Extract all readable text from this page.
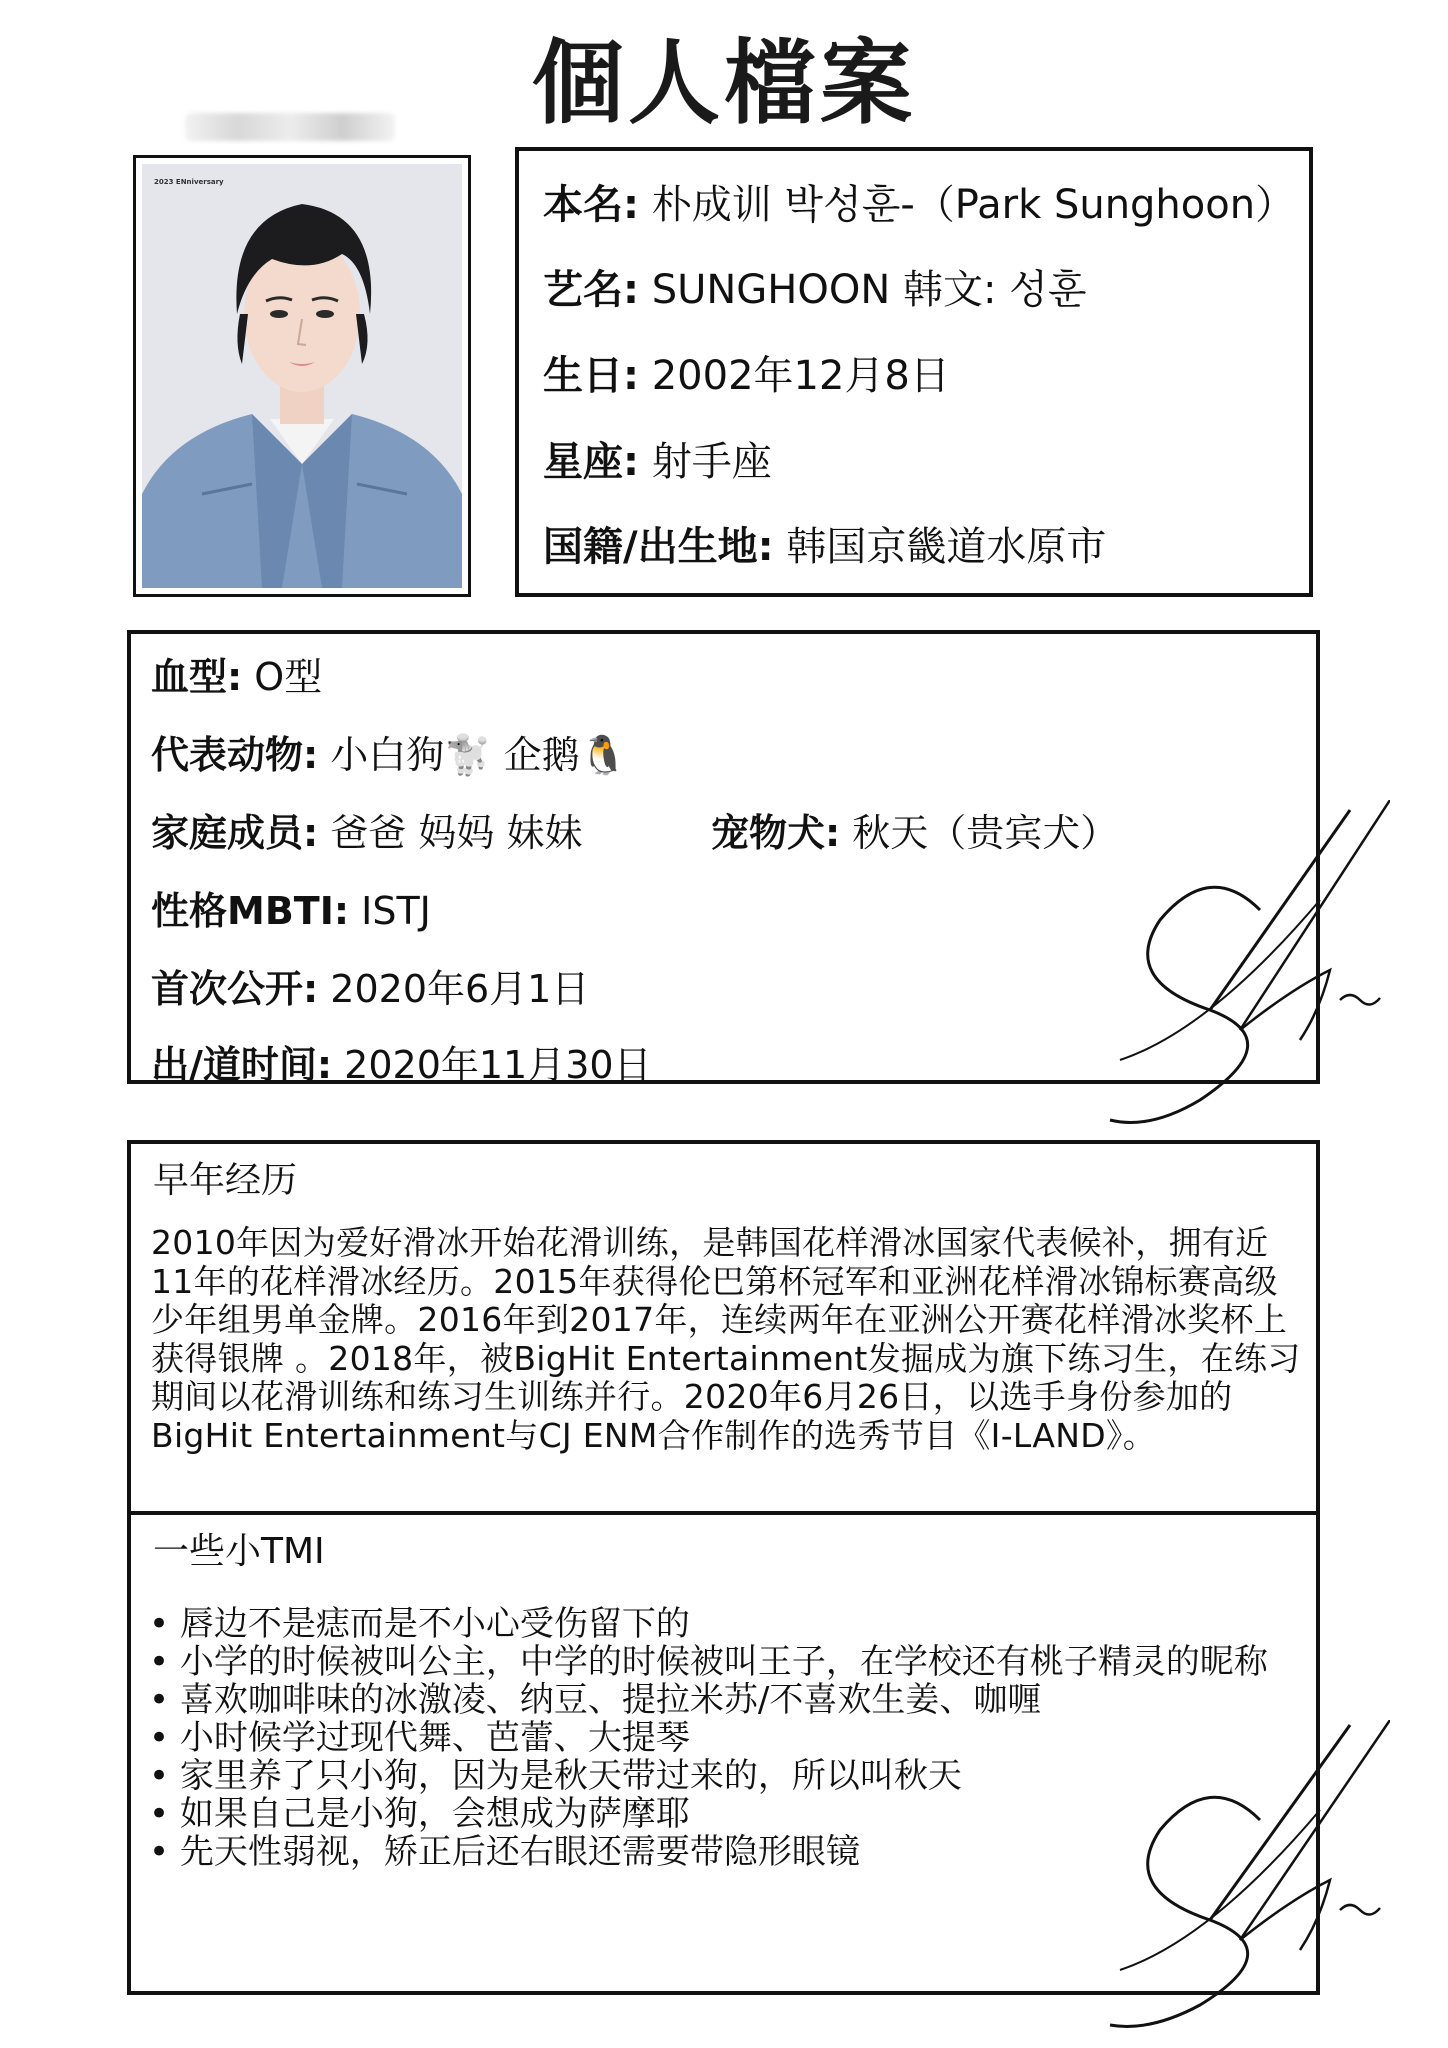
個人檔案
2023 ENniversary	本名: 朴成训 박성훈-（Park Sunghoon）
艺名: SUNGHOON 韩文: 성훈
生日: 2002年12月8日
星座: 射手座
国籍/出生地: 韩国京畿道水原市
血型: O型
代表动物: 小白狗🐩 企鹅🐧
家庭成员: 爸爸 妈妈 妹妹	宠物犬: 秋天（贵宾犬）
性格MBTI: ISTJ
首次公开: 2020年6月1日
出/道时间: 2020年11月30日
早年经历
2010年因为爱好滑冰开始花滑训练，是韩国花样滑冰国家代表候补，拥有近11年的花样滑冰经历。2015年获得伦巴第杯冠军和亚洲花样滑冰锦标赛高级少年组男单金牌。2016年到2017年，连续两年在亚洲公开赛花样滑冰奖杯上获得银牌 。2018年，被BigHit Entertainment发掘成为旗下练习生，在练习期间以花滑训练和练习生训练并行。2020年6月26日，以选手身份参加的BigHit Entertainment与CJ ENM合作制作的选秀节目《I-LAND》。
一些小TMI
• 唇边不是痣而是不小心受伤留下的
• 小学的时候被叫公主，中学的时候被叫王子，在学校还有桃子精灵的昵称
• 喜欢咖啡味的冰激凌、纳豆、提拉米苏/不喜欢生姜、咖喱
• 小时候学过现代舞、芭蕾、大提琴
• 家里养了只小狗，因为是秋天带过来的，所以叫秋天
• 如果自己是小狗，会想成为萨摩耶
• 先天性弱视，矫正后还右眼还需要带隐形眼镜
